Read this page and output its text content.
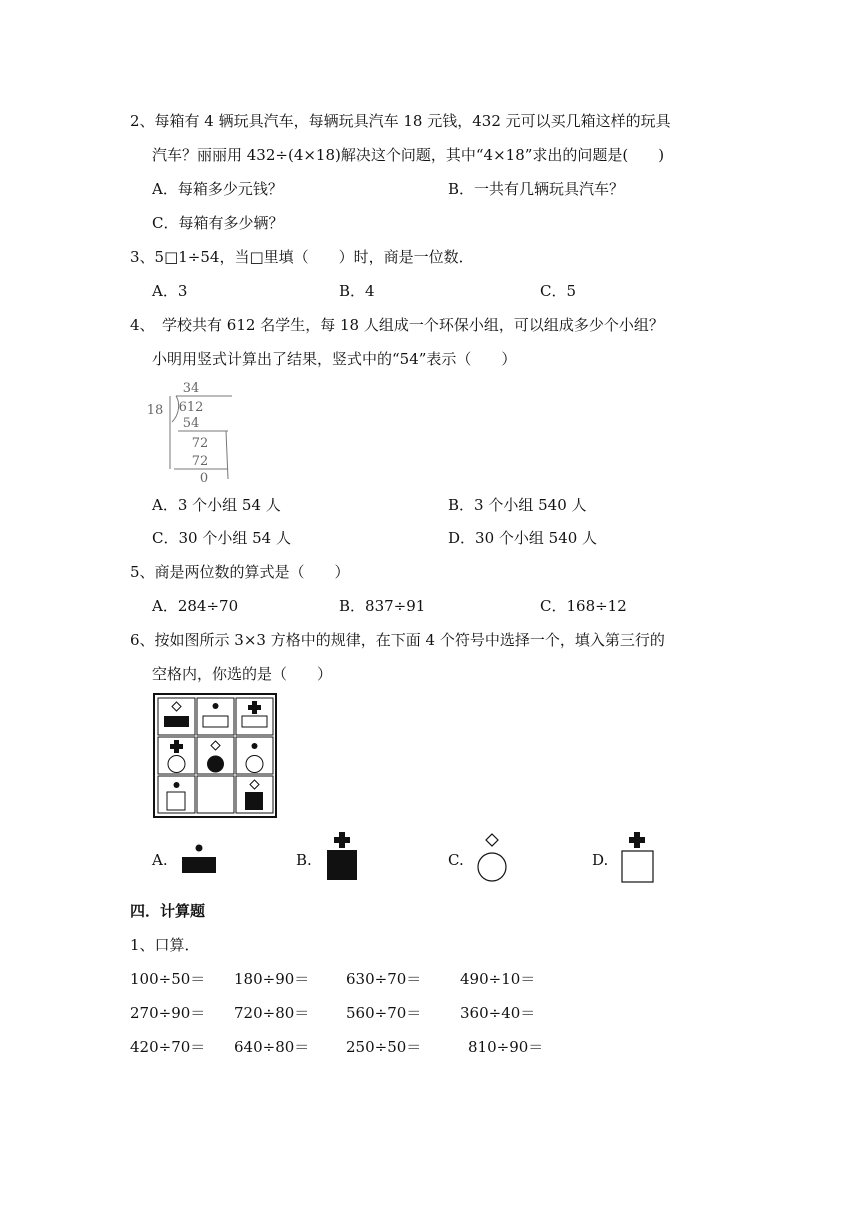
2、每箱有 4 辆玩具汽车，每辆玩具汽车 18 元钱，432 元可以买几箱这样的玩具
汽车？丽丽用 432÷(4×18)解决这个问题，其中“4×18”求出的问题是(　　)
A．每箱多少元钱？	B．一共有几辆玩具汽车？
C．每箱有多少辆？
3、5□1÷54，当□里填（　　）时，商是一位数．
A．3	B．4	C．5
4、　学校共有 612 名学生，每 18 人组成一个环保小组，可以组成多少个小组？
小明用竖式计算出了结果，竖式中的“54”表示（　　）
34
18 612
54
72
72
0
A．3 个小组 54 人	B．3 个小组 540 人
C．30 个小组 54 人	D．30 个小组 540 人
5、商是两位数的算式是（　　）
A．284÷70	B．837÷91	C．168÷12
6、按如图所示 3×3 方格中的规律，在下面 4 个符号中选择一个，填入第三行的
空格内，你选的是（　　）
A.	B.	C.	D.
四．计算题
1、口算．
100÷50＝ 180÷90＝ 630÷70＝	490÷10＝
270÷90＝ 720÷80＝ 560÷70＝	360÷40＝
420÷70＝ 640÷80＝ 250÷50＝	810÷90＝
